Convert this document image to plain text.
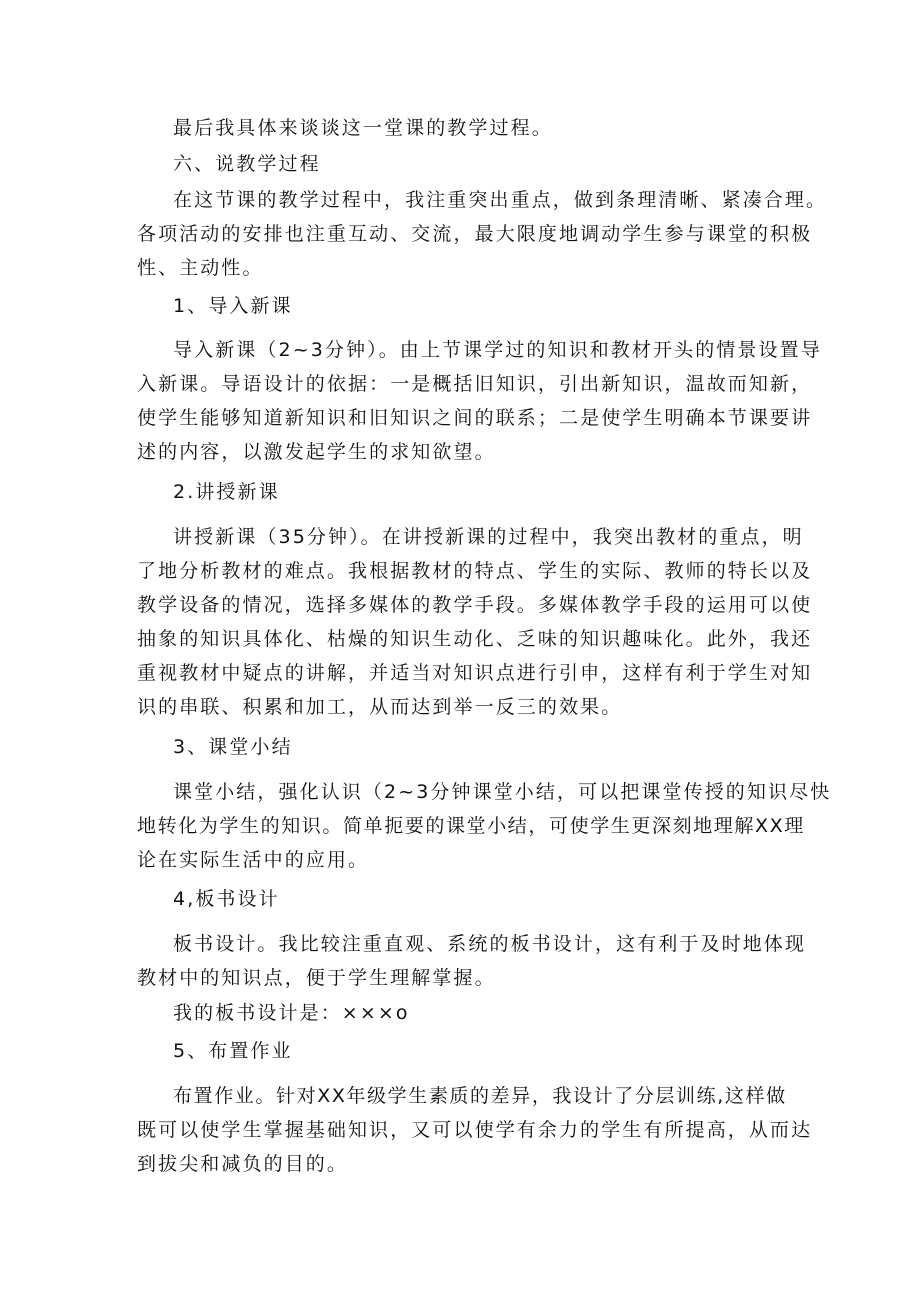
最后我具体来谈谈这一堂课的教学过程。
六、说教学过程
在这节课的教学过程中，我注重突出重点，做到条理清晰、紧凑合理。
各项活动的安排也注重互动、交流，最大限度地调动学生参与课堂的积极
性、主动性。
1、导入新课
导入新课（2~3分钟）。由上节课学过的知识和教材开头的情景设置导
入新课。导语设计的依据：一是概括旧知识，引出新知识，温故而知新，
使学生能够知道新知识和旧知识之间的联系；二是使学生明确本节课要讲
述的内容，以激发起学生的求知欲望。
2.讲授新课
讲授新课（35分钟）。在讲授新课的过程中，我突出教材的重点，明
了地分析教材的难点。我根据教材的特点、学生的实际、教师的特长以及
教学设备的情况，选择多媒体的教学手段。多媒体教学手段的运用可以使
抽象的知识具体化、枯燥的知识生动化、乏味的知识趣味化。此外，我还
重视教材中疑点的讲解，并适当对知识点进行引申，这样有利于学生对知
识的串联、积累和加工，从而达到举一反三的效果。
3、课堂小结
课堂小结，强化认识（2~3分钟课堂小结，可以把课堂传授的知识尽快
地转化为学生的知识。简单扼要的课堂小结，可使学生更深刻地理解XX理
论在实际生活中的应用。
4,板书设计
板书设计。我比较注重直观、系统的板书设计，这有利于及时地体现
教材中的知识点，便于学生理解掌握。
我的板书设计是：×××o
5、布置作业
布置作业。针对XX年级学生素质的差异，我设计了分层训练,这样做
既可以使学生掌握基础知识，又可以使学有余力的学生有所提高，从而达
到拔尖和减负的目的。
